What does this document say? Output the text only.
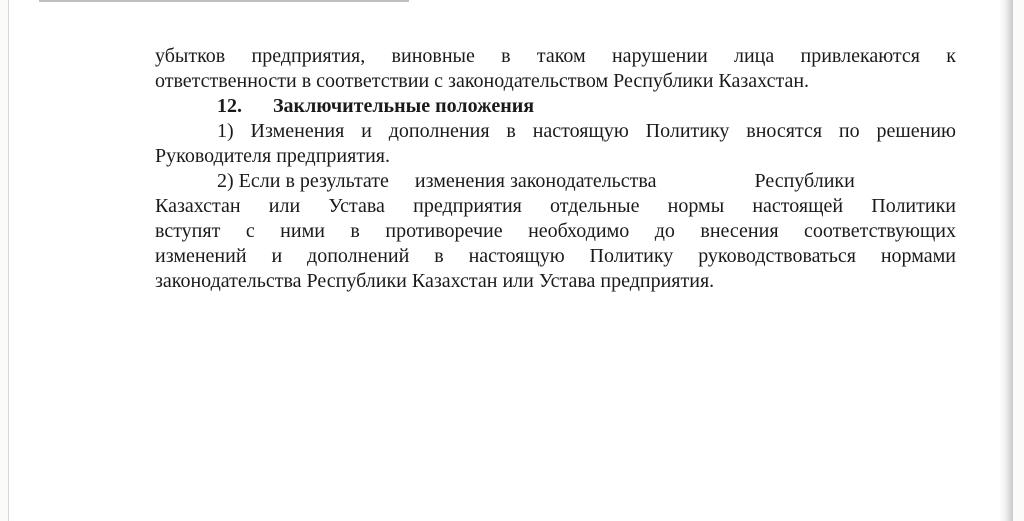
убытков предприятия, виновные в таком нарушении лица привлекаются к
ответственности в соответствии с законодательством Республики Казахстан.
12. Заключительные положения
1) Изменения и дополнения в настоящую Политику вносятся по решению
Руководителя предприятия.
2) Если в результате изменения законодательства	Республики
Казахстан или Устава предприятия отдельные нормы настоящей Политики
вступят с ними в противоречие необходимо до внесения соответствующих
изменений и дополнений в настоящую Политику руководствоваться нормами
законодательства Республики Казахстан или Устава предприятия.
